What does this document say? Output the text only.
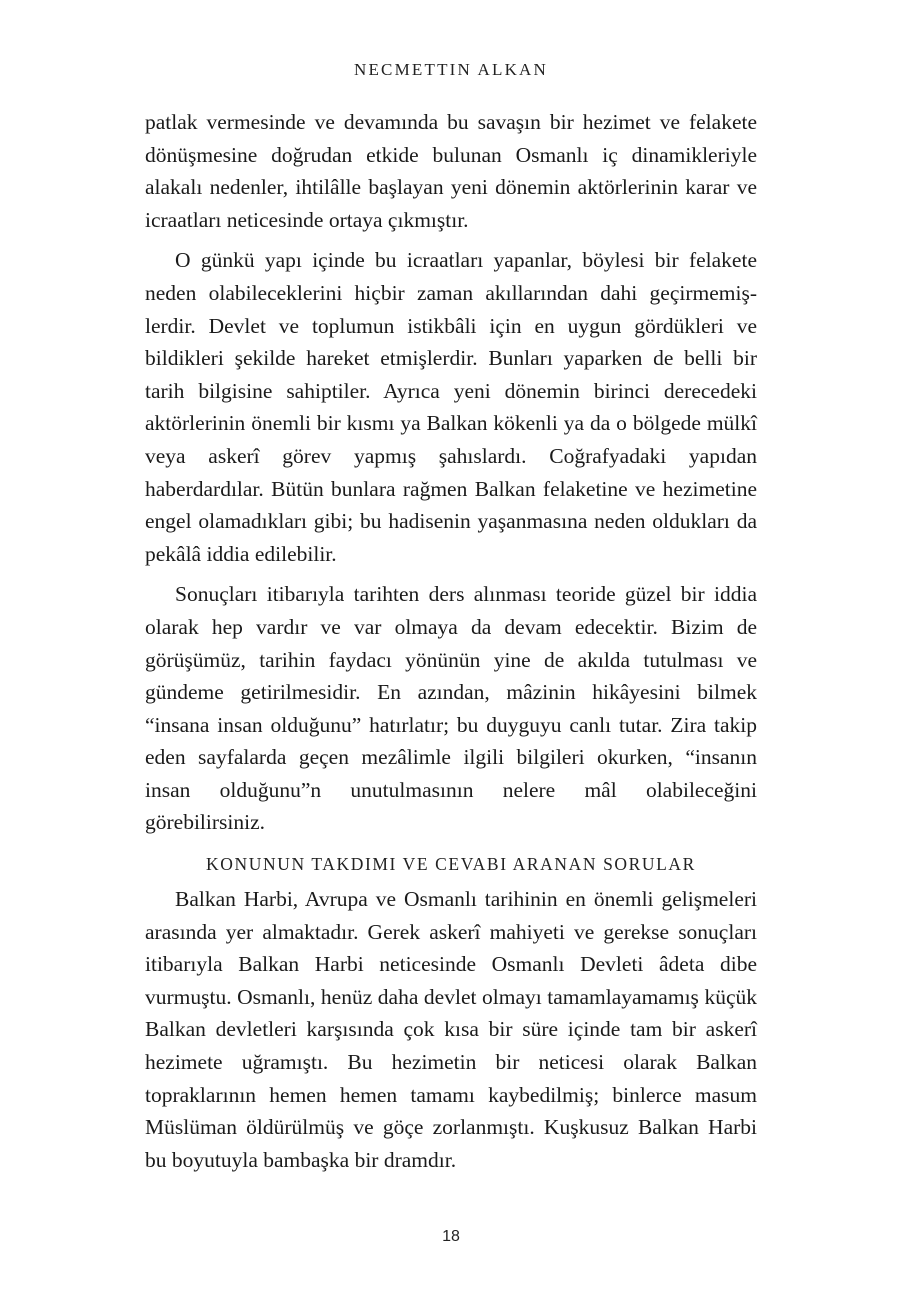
NECMETTIN ALKAN

patlak vermesinde ve devamında bu savaşın bir hezimet ve felakete dönüşmesine doğrudan etkide bulunan Osmanlı iç dinamikleriyle alakalı nedenler, ihtilâlle başlayan yeni dönemin aktörlerinin karar ve icraatları neticesinde ortaya çıkmıştır.

O günkü yapı içinde bu icraatları yapanlar, böylesi bir felakete neden olabileceklerini hiçbir zaman akıllarından dahi geçirmemişlerdir. Devlet ve toplumun istikbâli için en uygun gördükleri ve bildikleri şekilde hareket etmişlerdir. Bunları yaparken de belli bir tarih bilgisine sahiptiler. Ayrıca yeni dönemin birinci derecedeki aktörlerinin önemli bir kısmı ya Balkan kökenli ya da o bölgede mülkî veya askerî görev yapmış şahıslardı. Coğrafyadaki yapıdan haberdardılar. Bütün bunlara rağmen Balkan felaketine ve hezimetine engel olamadıkları gibi; bu hadisenin yaşanmasına neden oldukları da pekâlâ iddia edilebilir.

Sonuçları itibarıyla tarihten ders alınması teoride güzel bir iddia olarak hep vardır ve var olmaya da devam edecektir. Bizim de görüşümüz, tarihin faydacı yönünün yine de akılda tutulması ve gündeme getirilmesidir. En azından, mâzinin hikâyesini bilmek “insana insan olduğunu” hatırlatır; bu duyguyu canlı tutar. Zira takip eden sayfalarda geçen mezâlimle ilgili bilgileri okurken, “insanın insan olduğunu”n unutulmasının nelere mâl olabileceğini görebilirsiniz.

KONUNUN TAKDIMI VE CEVABI ARANAN SORULAR

Balkan Harbi, Avrupa ve Osmanlı tarihinin en önemli gelişmeleri arasında yer almaktadır. Gerek askerî mahiyeti ve gerekse sonuçları itibarıyla Balkan Harbi neticesinde Osmanlı Devleti âdeta dibe vurmuştu. Osmanlı, henüz daha devlet olmayı tamamlayamamış küçük Balkan devletleri karşısında çok kısa bir süre içinde tam bir askerî hezimete uğramıştı. Bu hezimetin bir neticesi olarak Balkan topraklarının hemen hemen tamamı kaybedilmiş; binlerce masum Müslüman öldürülmüş ve göçe zorlanmıştı. Kuşkusuz Balkan Harbi bu boyutuyla bambaşka bir dramdır.

18
